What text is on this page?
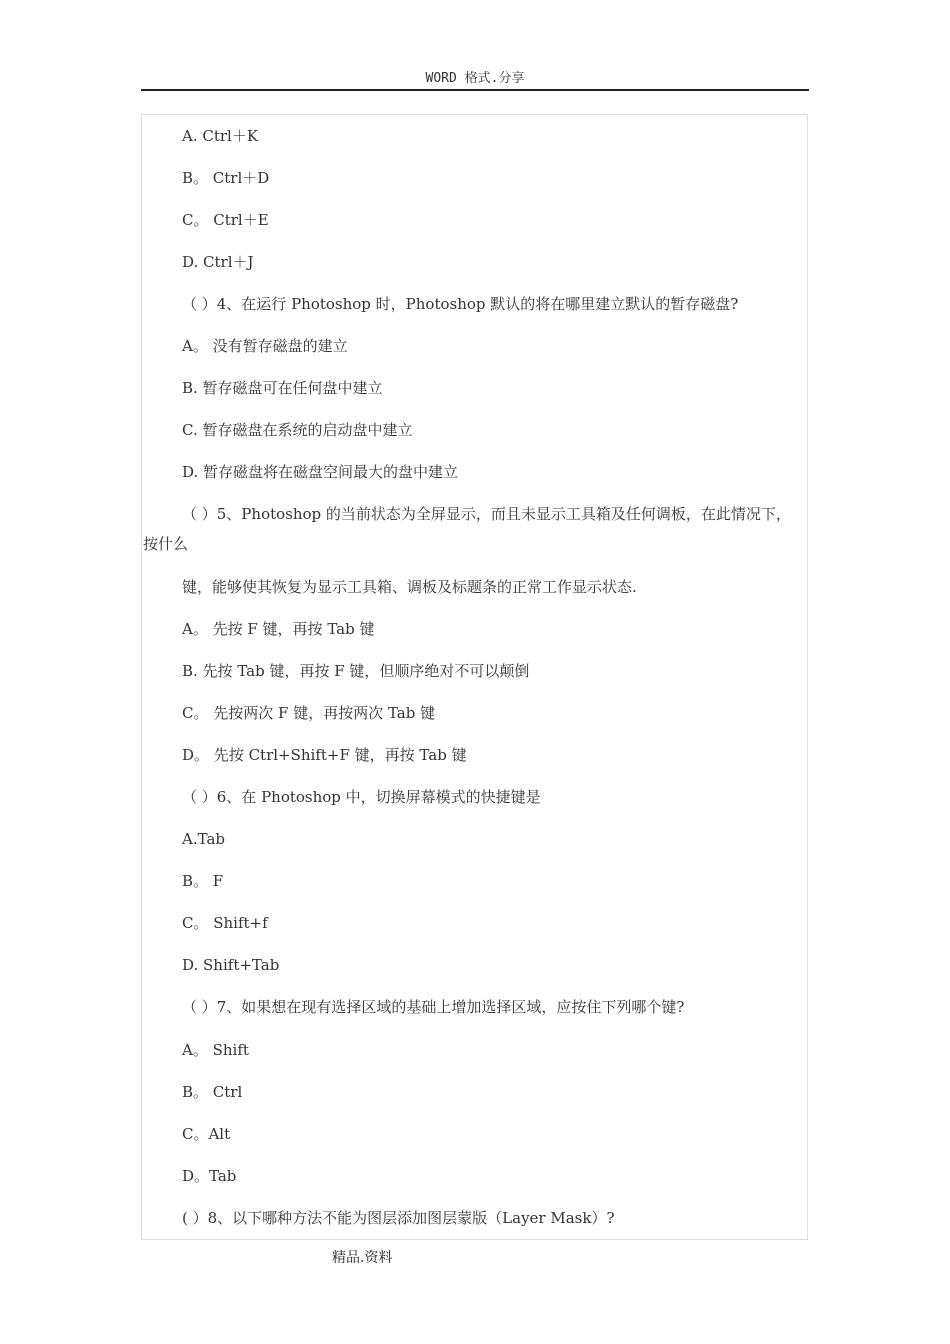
WORD 格式.分享
A. Ctrl＋K
B。 Ctrl＋D
C。 Ctrl＋E
D. Ctrl＋J
（ ）4、在运行 Photoshop 时，Photoshop 默认的将在哪里建立默认的暂存磁盘?
A。 没有暂存磁盘的建立
B. 暂存磁盘可在任何盘中建立
C. 暂存磁盘在系统的启动盘中建立
D. 暂存磁盘将在磁盘空间最大的盘中建立
（ ）5、Photoshop 的当前状态为全屏显示，而且未显示工具箱及任何调板，在此情况下，按什么
键，能够使其恢复为显示工具箱、调板及标题条的正常工作显示状态.
A。 先按 F 键，再按 Tab 键
B. 先按 Tab 键，再按 F 键，但顺序绝对不可以颠倒
C。 先按两次 F 键，再按两次 Tab 键
D。 先按 Ctrl+Shift+F 键，再按 Tab 键
（ ）6、在 Photoshop 中，切换屏幕模式的快捷键是
A.Tab
B。 F
C。 Shift+f
D. Shift+Tab
（ ）7、如果想在现有选择区域的基础上增加选择区域，应按住下列哪个键?
A。 Shift
B。 Ctrl
C。Alt
D。Tab
( ）8、以下哪种方法不能为图层添加图层蒙版（Layer Mask）?
精品.资料
